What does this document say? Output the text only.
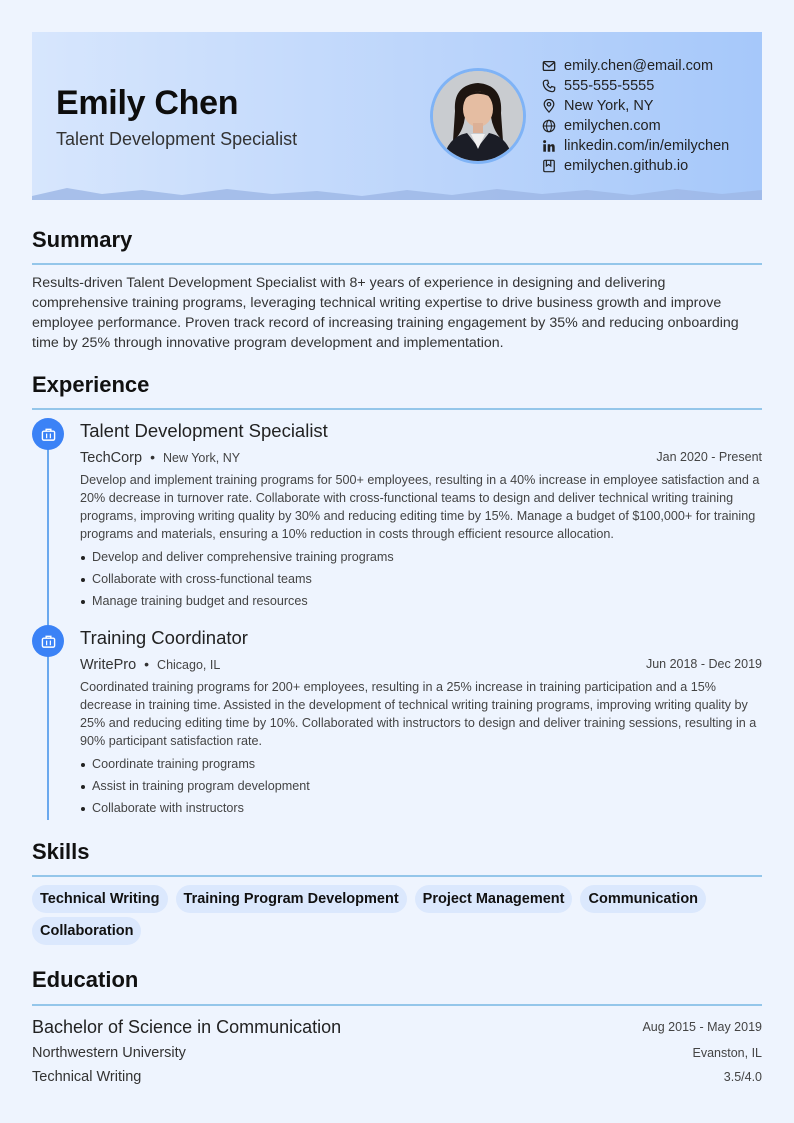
Emily Chen
Talent Development Specialist
emily.chen@email.com
555-555-5555
New York, NY
emilychen.com
linkedin.com/in/emilychen
emilychen.github.io
Summary
Results-driven Talent Development Specialist with 8+ years of experience in designing and delivering comprehensive training programs, leveraging technical writing expertise to drive business growth and improve employee performance. Proven track record of increasing training engagement by 35% and reducing onboarding time by 25% through innovative program development and implementation.
Experience
Talent Development Specialist
TechCorp • New York, NY	Jan 2020 - Present
Develop and implement training programs for 500+ employees, resulting in a 40% increase in employee satisfaction and a 20% decrease in turnover rate. Collaborate with cross-functional teams to design and deliver technical writing training programs, improving writing quality by 30% and reducing editing time by 15%. Manage a budget of $100,000+ for training programs and materials, ensuring a 10% reduction in costs through efficient resource allocation.
Develop and deliver comprehensive training programs
Collaborate with cross-functional teams
Manage training budget and resources
Training Coordinator
WritePro • Chicago, IL	Jun 2018 - Dec 2019
Coordinated training programs for 200+ employees, resulting in a 25% increase in training participation and a 15% decrease in training time. Assisted in the development of technical writing training programs, improving writing quality by 25% and reducing editing time by 10%. Collaborated with instructors to design and deliver training sessions, resulting in a 90% participant satisfaction rate.
Coordinate training programs
Assist in training program development
Collaborate with instructors
Skills
Technical Writing	Training Program Development	Project Management	Communication
Collaboration
Education
Bachelor of Science in Communication	Aug 2015 - May 2019
Northwestern University	Evanston, IL
Technical Writing	3.5/4.0
